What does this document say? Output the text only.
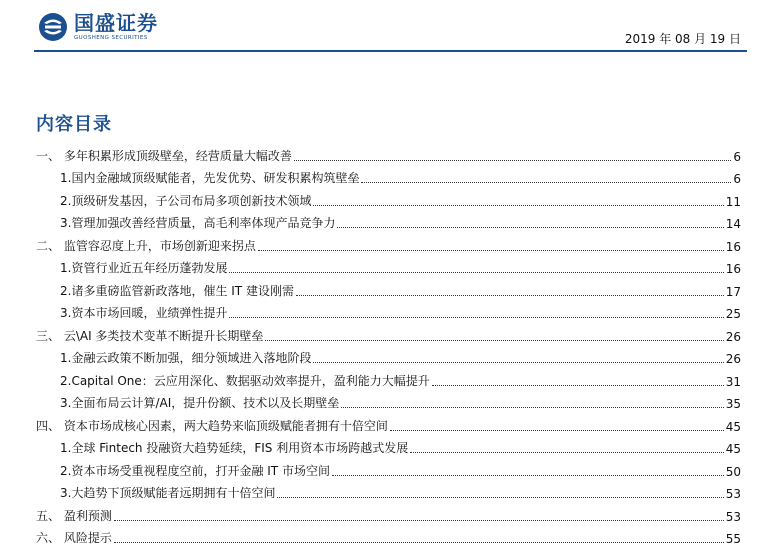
国盛证券
GUOSHENG SECURITIES	2019 年 08 月 19 日
内容目录
一、 多年积累形成顶级壁垒，经营质量大幅改善	6
1.国内金融域顶级赋能者，先发优势、研发积累构筑壁垒	6
2.顶级研发基因，子公司布局多项创新技术领域	11
3.管理加强改善经营质量，高毛利率体现产品竞争力	14
二、 监管容忍度上升，市场创新迎来拐点	16
1.资管行业近五年经历蓬勃发展	16
2.诸多重磅监管新政落地，催生 IT 建设刚需	17
3.资本市场回暖，业绩弹性提升	25
三、 云\AI 多类技术变革不断提升长期壁垒	26
1.金融云政策不断加强，细分领域进入落地阶段	26
2.Capital One：云应用深化、数据驱动效率提升，盈利能力大幅提升	31
3.全面布局云计算/AI，提升份额、技术以及长期壁垒	35
四、 资本市场成核心因素，两大趋势来临顶级赋能者拥有十倍空间	45
1.全球 Fintech 投融资大趋势延续，FIS 利用资本市场跨越式发展	45
2.资本市场受重视程度空前，打开金融 IT 市场空间	50
3.大趋势下顶级赋能者远期拥有十倍空间	53
五、 盈利预测	53
六、 风险提示	55
